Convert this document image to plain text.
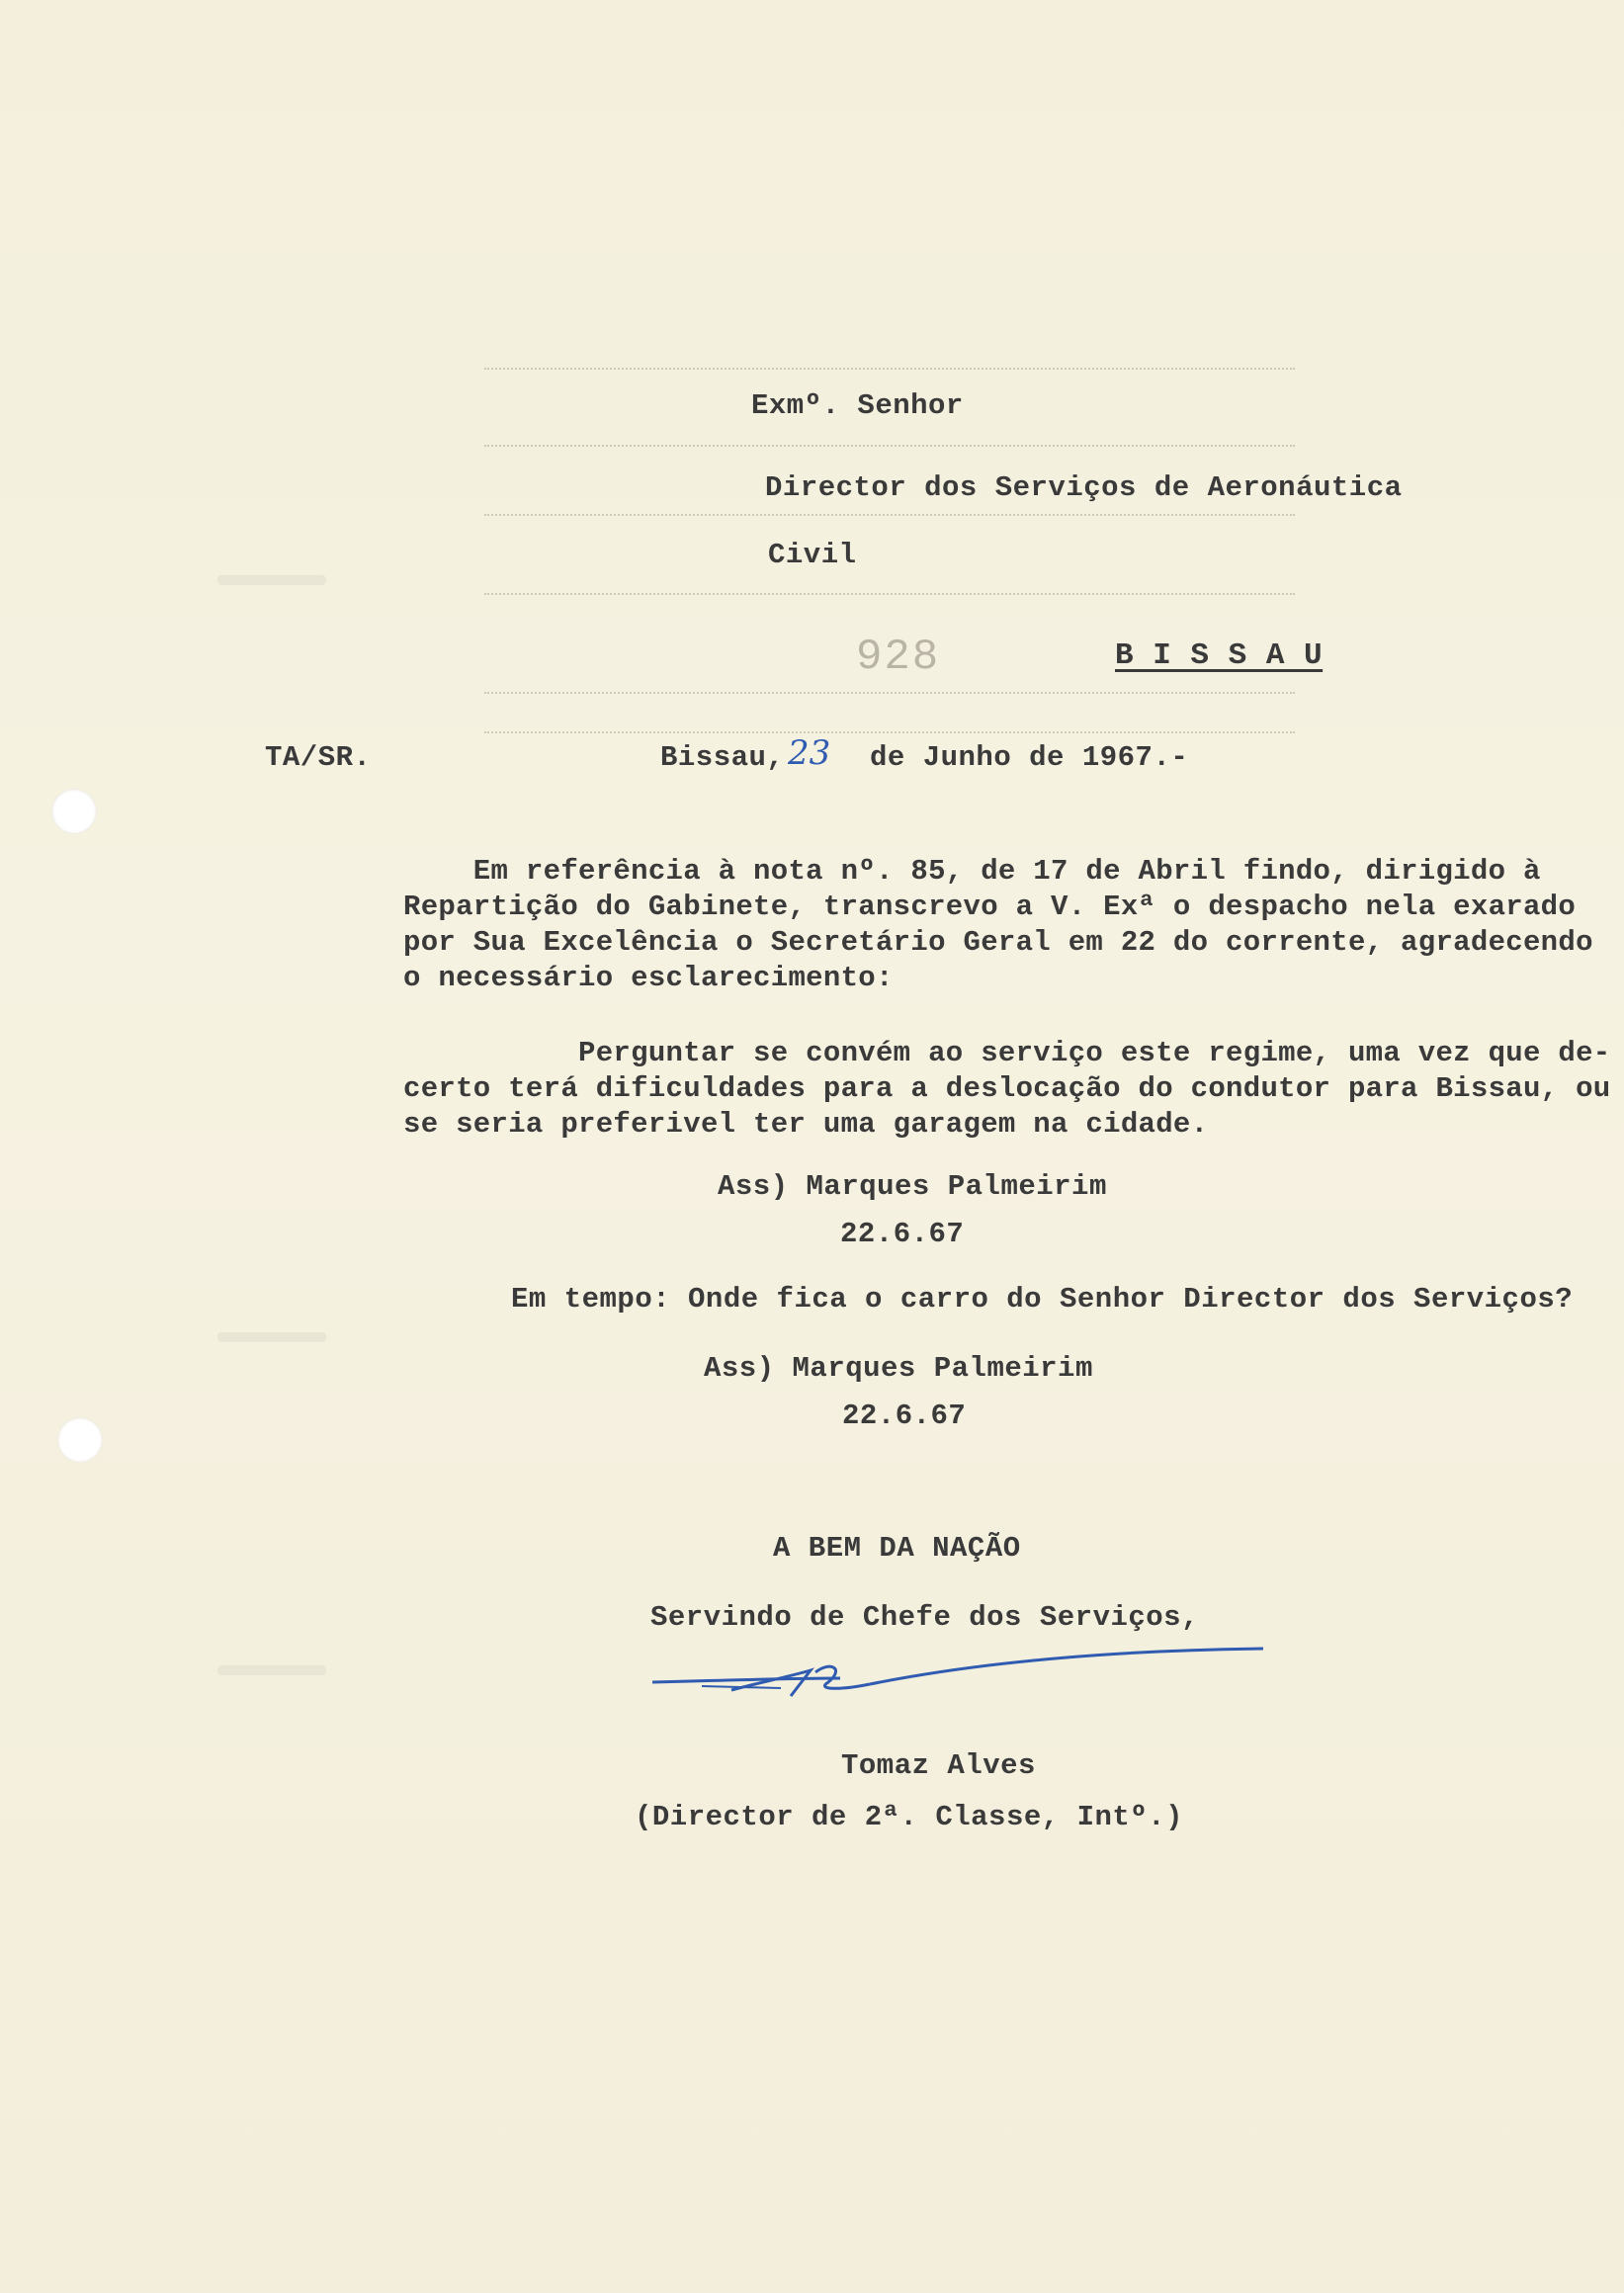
Exmº. Senhor
Director dos Serviços de Aeronáutica
Civil
928	B I S S A U
TA/SR.	Bissau, 23 de Junho de 1967.-
Em referência à nota nº. 85, de 17 de Abril findo, dirigido à
Repartição do Gabinete, transcrevo a V. Exª o despacho nela exarado
por Sua Excelência o Secretário Geral em 22 do corrente, agradecendo
o necessário esclarecimento:
Perguntar se convém ao serviço este regime, uma vez que de-
certo terá dificuldades para a deslocação do condutor para Bissau, ou
se seria preferivel ter uma garagem na cidade.
Ass) Marques Palmeirim
22.6.67
Em tempo: Onde fica o carro do Senhor Director dos Serviços?
Ass) Marques Palmeirim
22.6.67
A BEM DA NAÇÃO
Servindo de Chefe dos Serviços,
Tomaz Alves
(Director de 2ª. Classe, Intº.)
